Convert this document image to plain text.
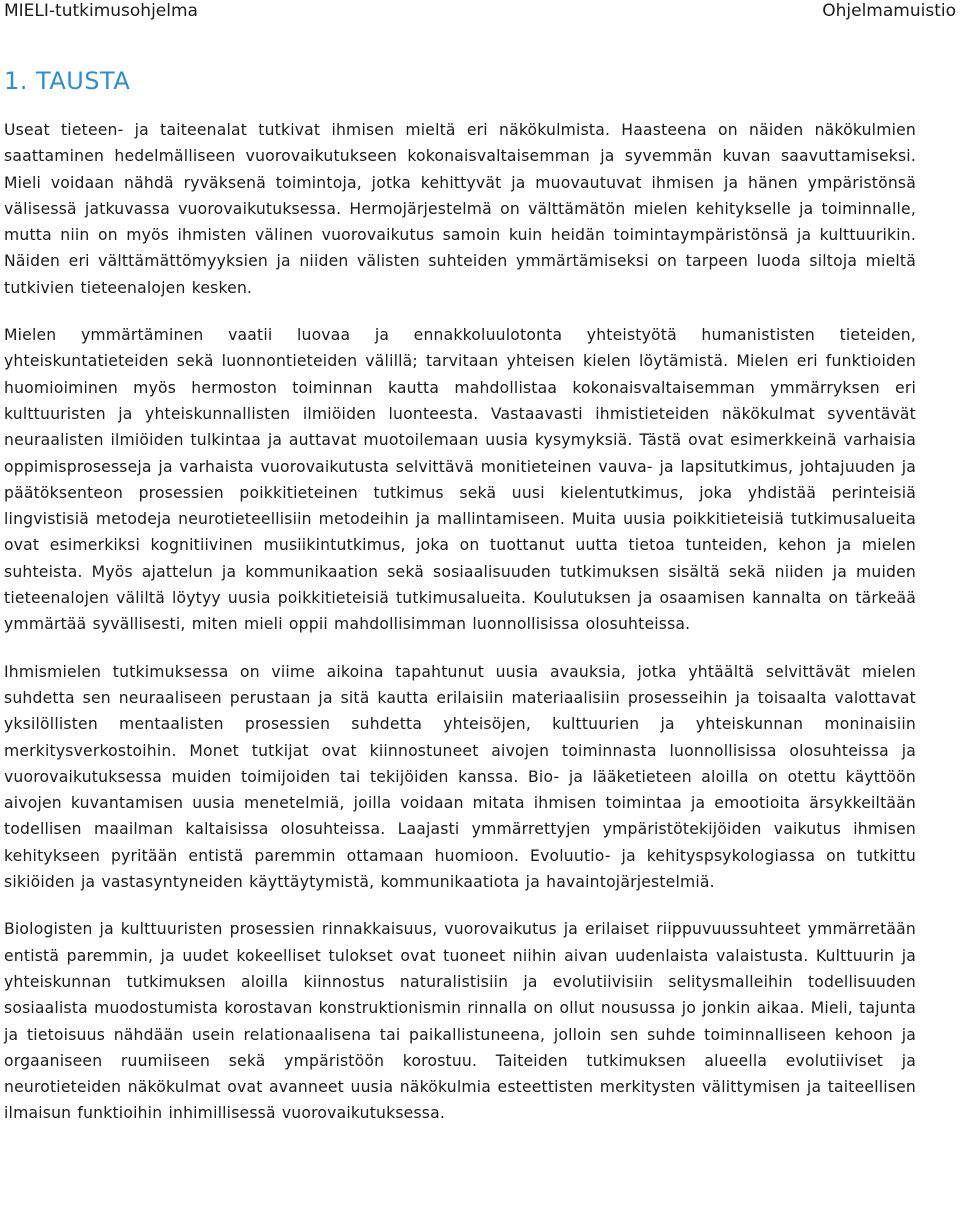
MIELI-tutkimusohjelma	Ohjelmamuistio
1. TAUSTA

Useat tieteen- ja taiteenalat tutkivat ihmisen mieltä eri näkökulmista. Haasteena on näiden näkökulmien saattaminen hedelmälliseen vuorovaikutukseen kokonaisvaltaisemman ja syvemmän kuvan saavuttamiseksi. Mieli voidaan nähdä ryväksenä toimintoja, jotka kehittyvät ja muovautuvat ihmisen ja hänen ympäristönsä välisessä jatkuvassa vuorovaikutuksessa. Hermojärjestelmä on välttämätön mielen kehitykselle ja toiminnalle, mutta niin on myös ihmisten välinen vuorovaikutus samoin kuin heidän toimintaympäristönsä ja kulttuurikin. Näiden eri välttämättömyyksien ja niiden välisten suhteiden ymmärtämiseksi on tarpeen luoda siltoja mieltä tutkivien tieteenalojen kesken.

Mielen ymmärtäminen vaatii luovaa ja ennakkoluulotonta yhteistyötä humanististen tieteiden, yhteiskuntatieteiden sekä luonnontieteiden välillä; tarvitaan yhteisen kielen löytämistä. Mielen eri funktioiden huomioiminen myös hermoston toiminnan kautta mahdollistaa kokonaisvaltaisemman ymmärryksen eri kulttuuristen ja yhteiskunnallisten ilmiöiden luonteesta. Vastaavasti ihmistieteiden näkökulmat syventävät neuraalisten ilmiöiden tulkintaa ja auttavat muotoilemaan uusia kysymyksiä. Tästä ovat esimerkkeinä varhaisia oppimisprosesseja ja varhaista vuorovaikutusta selvittävä monitieteinen vauva- ja lapsitutkimus, johtajuuden ja päätöksenteon prosessien poikkitieteinen tutkimus sekä uusi kielentutkimus, joka yhdistää perinteisiä lingvistisiä metodeja neurotieteellisiin metodeihin ja mallintamiseen. Muita uusia poikkitieteisiä tutkimusalueita ovat esimerkiksi kognitiivinen musiikintutkimus, joka on tuottanut uutta tietoa tunteiden, kehon ja mielen suhteista. Myös ajattelun ja kommunikaation sekä sosiaalisuuden tutkimuksen sisältä sekä niiden ja muiden tieteenalojen väliltä löytyy uusia poikkitieteisiä tutkimusalueita. Koulutuksen ja osaamisen kannalta on tärkeää ymmärtää syvällisesti, miten mieli oppii mahdollisimman luonnollisissa olosuhteissa.

Ihmismielen tutkimuksessa on viime aikoina tapahtunut uusia avauksia, jotka yhtäältä selvittävät mielen suhdetta sen neuraaliseen perustaan ja sitä kautta erilaisiin materiaalisiin prosesseihin ja toisaalta valottavat yksilöllisten mentaalisten prosessien suhdetta yhteisöjen, kulttuurien ja yhteiskunnan moninaisiin merkitysverkostoihin. Monet tutkijat ovat kiinnostuneet aivojen toiminnasta luonnollisissa olosuhteissa ja vuorovaikutuksessa muiden toimijoiden tai tekijöiden kanssa. Bio- ja lääketieteen aloilla on otettu käyttöön aivojen kuvantamisen uusia menetelmiä, joilla voidaan mitata ihmisen toimintaa ja emootioita ärsykkeiltään todellisen maailman kaltaisissa olosuhteissa. Laajasti ymmärrettyjen ympäristötekijöiden vaikutus ihmisen kehitykseen pyritään entistä paremmin ottamaan huomioon. Evoluutio- ja kehityspsykologiassa on tutkittu sikiöiden ja vastasyntyneiden käyttäytymistä, kommunikaatiota ja havaintojärjestelmiä.

Biologisten ja kulttuuristen prosessien rinnakkaisuus, vuorovaikutus ja erilaiset riippuvuussuhteet ymmärretään entistä paremmin, ja uudet kokeelliset tulokset ovat tuoneet niihin aivan uudenlaista valaistusta. Kulttuurin ja yhteiskunnan tutkimuksen aloilla kiinnostus naturalistisiin ja evolutiivisiin selitysmalleihin todellisuuden sosiaalista muodostumista korostavan konstruktionismin rinnalla on ollut nousussa jo jonkin aikaa. Mieli, tajunta ja tietoisuus nähdään usein relationaalisena tai paikallistuneena, jolloin sen suhde toiminnalliseen kehoon ja orgaaniseen ruumiiseen sekä ympäristöön korostuu. Taiteiden tutkimuksen alueella evolutiiviset ja neurotieteiden näkökulmat ovat avanneet uusia näkökulmia esteettisten merkitysten välittymisen ja taiteellisen ilmaisun funktioihin inhimillisessä vuorovaikutuksessa.
